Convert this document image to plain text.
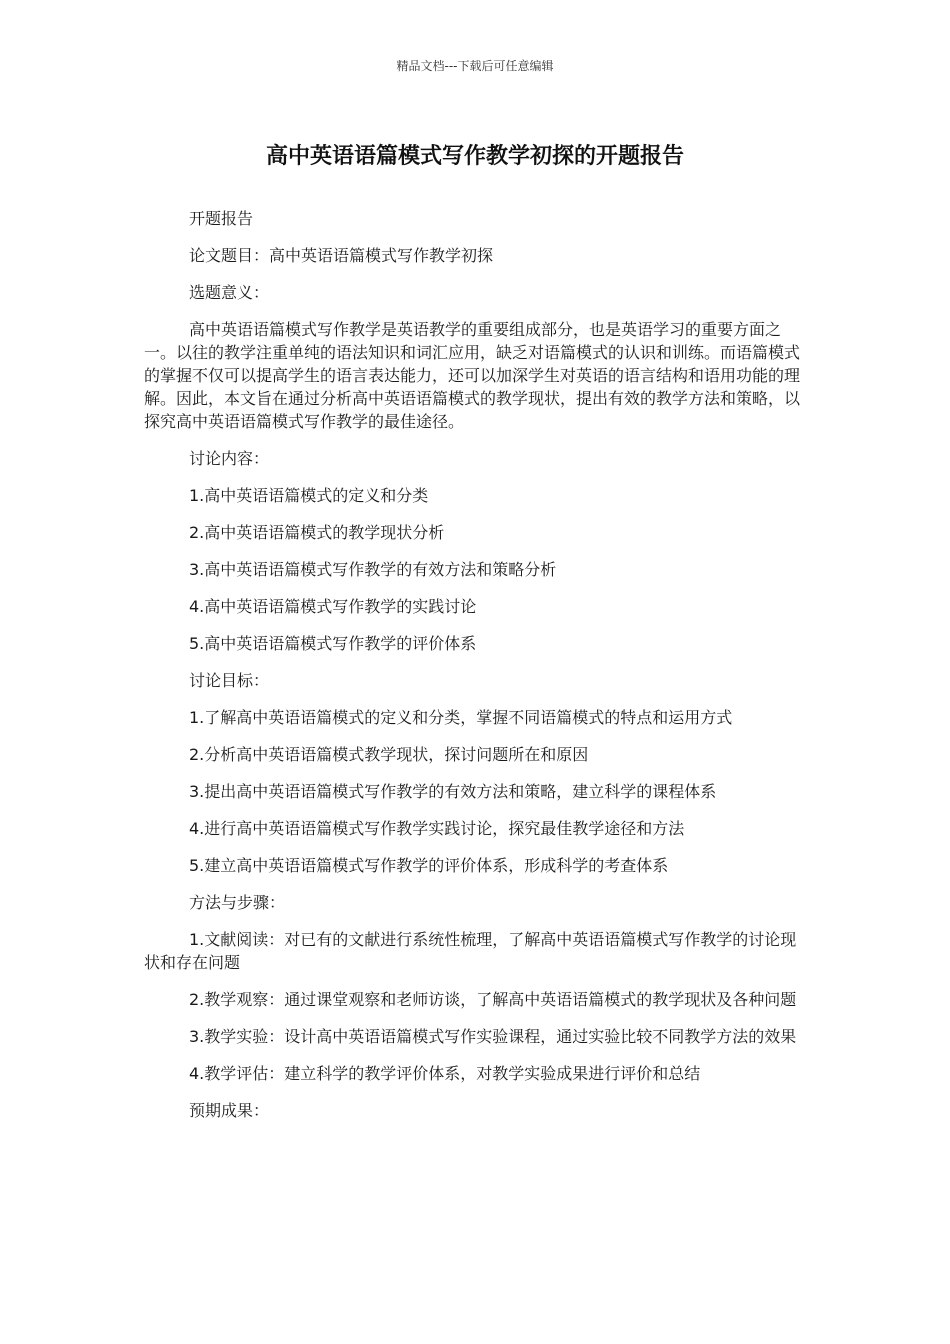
精品文档---下载后可任意编辑
高中英语语篇模式写作教学初探的开题报告

开题报告

论文题目：高中英语语篇模式写作教学初探

选题意义：

高中英语语篇模式写作教学是英语教学的重要组成部分，也是英语学习的重要方面之一。以往的教学注重单纯的语法知识和词汇应用，缺乏对语篇模式的认识和训练。而语篇模式的掌握不仅可以提高学生的语言表达能力，还可以加深学生对英语的语言结构和语用功能的理解。因此，本文旨在通过分析高中英语语篇模式的教学现状，提出有效的教学方法和策略，以探究高中英语语篇模式写作教学的最佳途径。

讨论内容：

1.高中英语语篇模式的定义和分类

2.高中英语语篇模式的教学现状分析

3.高中英语语篇模式写作教学的有效方法和策略分析

4.高中英语语篇模式写作教学的实践讨论

5.高中英语语篇模式写作教学的评价体系

讨论目标：

1.了解高中英语语篇模式的定义和分类，掌握不同语篇模式的特点和运用方式

2.分析高中英语语篇模式教学现状，探讨问题所在和原因

3.提出高中英语语篇模式写作教学的有效方法和策略，建立科学的课程体系

4.进行高中英语语篇模式写作教学实践讨论，探究最佳教学途径和方法

5.建立高中英语语篇模式写作教学的评价体系，形成科学的考查体系

方法与步骤：

1.文献阅读：对已有的文献进行系统性梳理，了解高中英语语篇模式写作教学的讨论现状和存在问题

2.教学观察：通过课堂观察和老师访谈，了解高中英语语篇模式的教学现状及各种问题

3.教学实验：设计高中英语语篇模式写作实验课程，通过实验比较不同教学方法的效果

4.教学评估：建立科学的教学评价体系，对教学实验成果进行评价和总结

预期成果：
